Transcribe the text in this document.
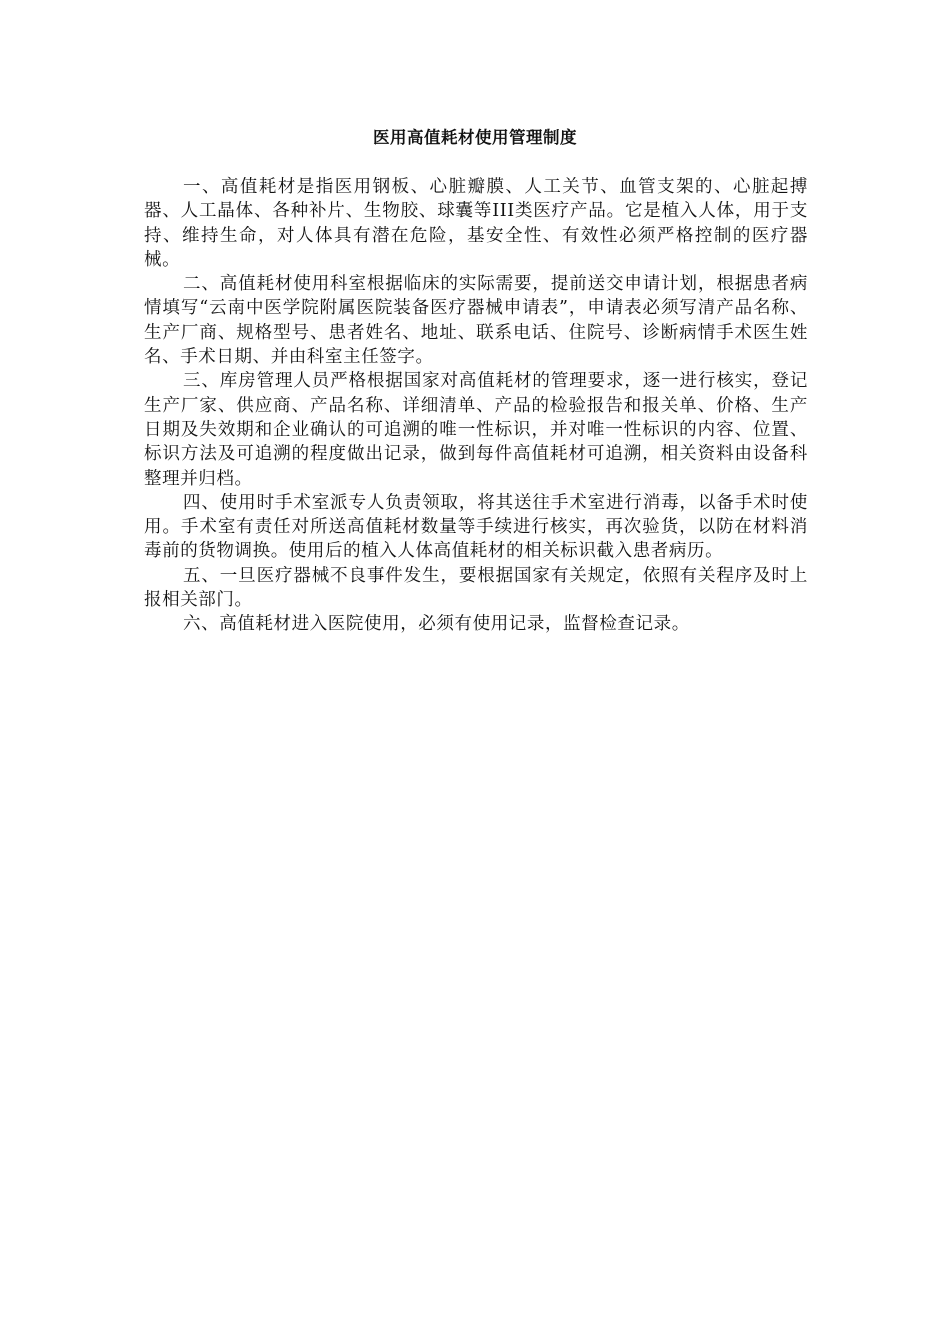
医用高值耗材使用管理制度

一、高值耗材是指医用钢板、心脏瓣膜、人工关节、血管支架的、心脏起搏器、人工晶体、各种补片、生物胶、球囊等III类医疗产品。它是植入人体，用于支持、维持生命，对人体具有潜在危险，基安全性、有效性必须严格控制的医疗器械。

二、高值耗材使用科室根据临床的实际需要，提前送交申请计划，根据患者病情填写“云南中医学院附属医院装备医疗器械申请表”，申请表必须写清产品名称、生产厂商、规格型号、患者姓名、地址、联系电话、住院号、诊断病情手术医生姓名、手术日期、并由科室主任签字。

三、库房管理人员严格根据国家对高值耗材的管理要求，逐一进行核实，登记生产厂家、供应商、产品名称、详细清单、产品的检验报告和报关单、价格、生产日期及失效期和企业确认的可追溯的唯一性标识，并对唯一性标识的内容、位置、标识方法及可追溯的程度做出记录，做到每件高值耗材可追溯，相关资料由设备科整理并归档。

四、使用时手术室派专人负责领取，将其送往手术室进行消毒，以备手术时使用。手术室有责任对所送高值耗材数量等手续进行核实，再次验货，以防在材料消毒前的货物调换。使用后的植入人体高值耗材的相关标识截入患者病历。

五、一旦医疗器械不良事件发生，要根据国家有关规定，依照有关程序及时上报相关部门。

六、高值耗材进入医院使用，必须有使用记录，监督检查记录。
